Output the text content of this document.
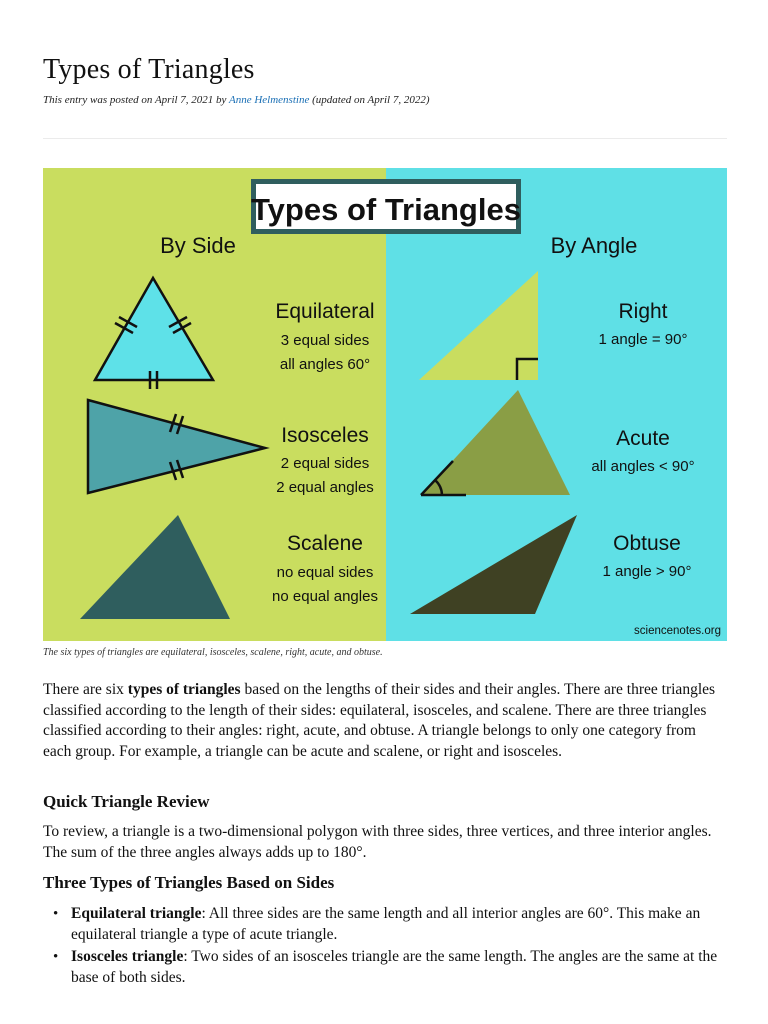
Types of Triangles
This entry was posted on April 7, 2021 by Anne Helmenstine (updated on April 7, 2022)
Types of Triangles
By Side	By Angle
Equilateral
3 equal sides
all angles 60°
Isosceles
2 equal sides
2 equal angles
Scalene
no equal sides
no equal angles
Right
1 angle = 90°
Acute
all angles < 90°
Obtuse
1 angle > 90°
sciencenotes.org
The six types of triangles are equilateral, isosceles, scalene, right, acute, and obtuse.

There are six types of triangles based on the lengths of their sides and their angles. There are three triangles classified according to the length of their sides: equilateral, isosceles, and scalene. There are three triangles classified according to their angles: right, acute, and obtuse. A triangle belongs to only one category from each group. For example, a triangle can be acute and scalene, or right and isosceles.

Quick Triangle Review

To review, a triangle is a two-dimensional polygon with three sides, three vertices, and three interior angles. The sum of the three angles always adds up to 180°.

Three Types of Triangles Based on Sides
• Equilateral triangle: All three sides are the same length and all interior angles are 60°. This make an equilateral triangle a type of acute triangle.
• Isosceles triangle: Two sides of an isosceles triangle are the same length. The angles are the same at the base of both sides.
